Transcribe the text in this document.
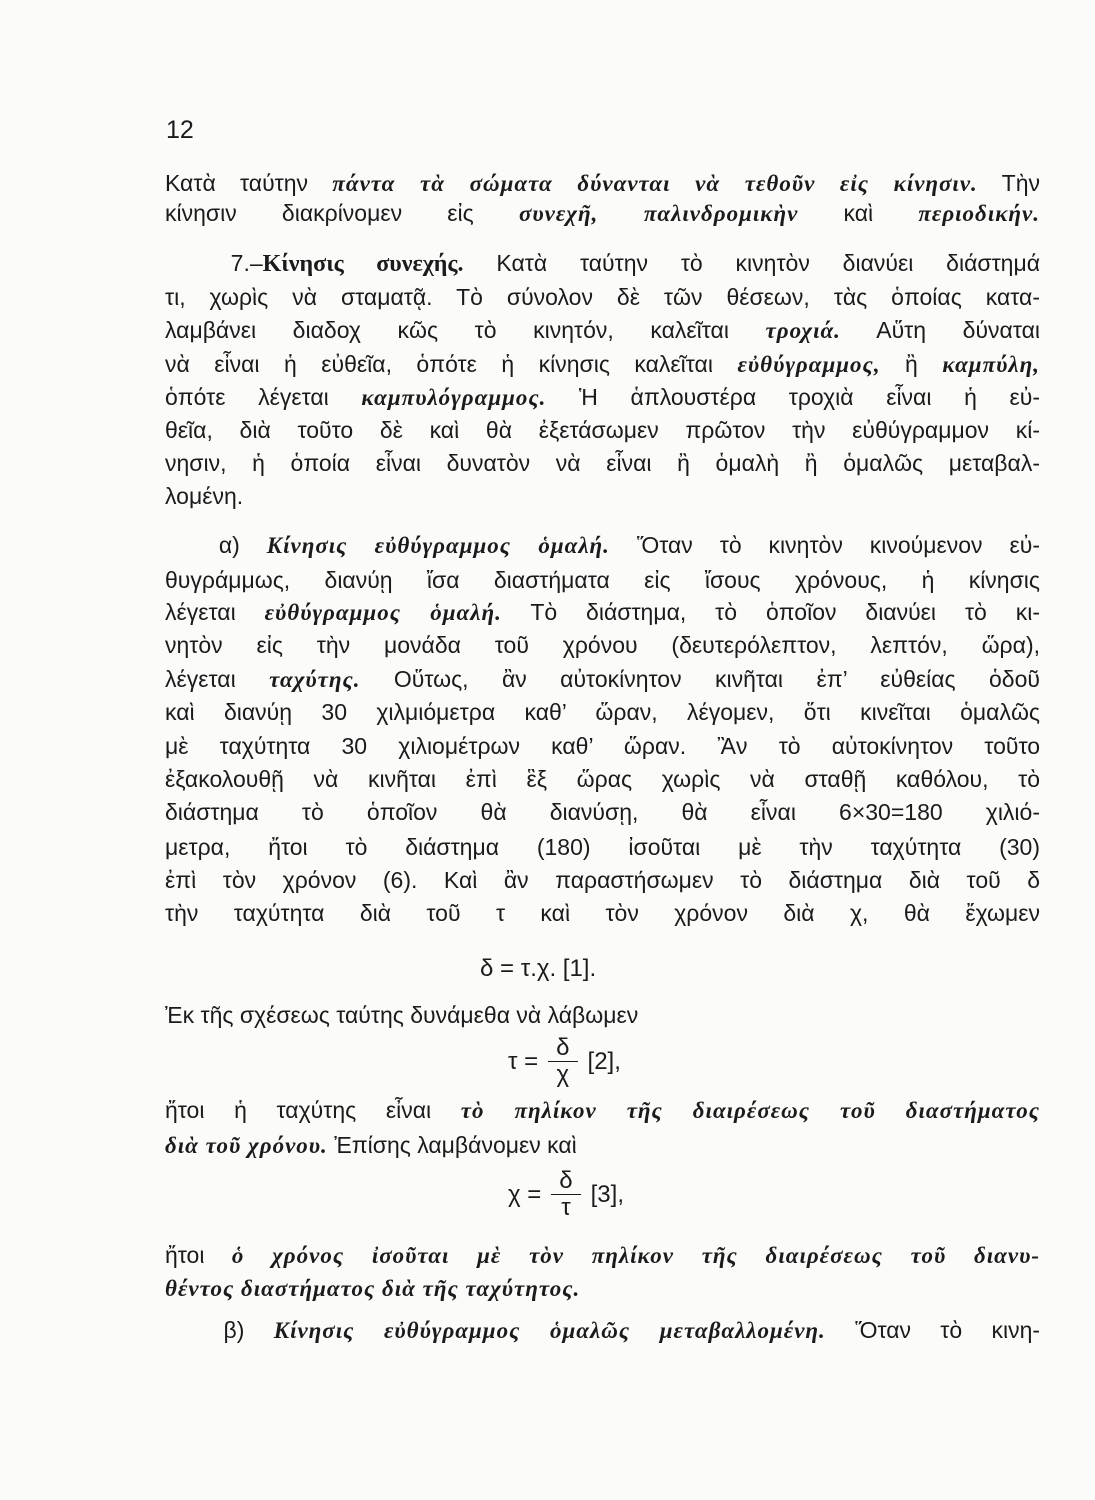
12
Κατὰ ταύτην πάντα τὰ σώματα δύνανται νὰ τεθοῦν εἰς κίνησιν. Τὴν
κίνησιν διακρίνομεν εἰς συνεχῆ, παλινδρομικὴν καὶ περιοδικήν.
7.–Κίνησις συνεχής. Κατὰ ταύτην τὸ κινητὸν διανύει διάστημά
τι, χωρὶς νὰ σταματᾷ. Τὸ σύνολον δὲ τῶν θέσεων, τὰς ὁποίας κατα-
λαμβάνει διαδοχ κῶς τὸ κινητόν, καλεῖται τροχιά. Αὕτη δύναται
νὰ εἶναι ἡ εὐθεῖα, ὁπότε ἡ κίνησις καλεῖται εὐθύγραμμος, ἢ καμπύλη,
ὁπότε λέγεται καμπυλόγραμμος. Ἡ ἁπλουστέρα τροχιὰ εἶναι ἡ εὐ-
θεῖα, διὰ τοῦτο δὲ καὶ θὰ ἐξετάσωμεν πρῶτον τὴν εὐθύγραμμον κί-
νησιν, ἡ ὁποία εἶναι δυνατὸν νὰ εἶναι ἢ ὁμαλὴ ἢ ὁμαλῶς μεταβαλ-
λομένη.
α) Κίνησις εὐθύγραμμος ὁμαλή. Ὅταν τὸ κινητὸν κινούμενον εὐ-
θυγράμμως, διανύῃ ἴσα διαστήματα εἰς ἴσους χρόνους, ἡ κίνησις
λέγεται εὐθύγραμμος ὁμαλή. Τὸ διάστημα, τὸ ὁποῖον διανύει τὸ κι-
νητὸν εἰς τὴν μονάδα τοῦ χρόνου (δευτερόλεπτον, λεπτόν, ὥρα),
λέγεται ταχύτης. Οὕτως, ἂν αὐτοκίνητον κινῆται ἐπ’ εὐθείας ὁδοῦ
καὶ διανύῃ 30 χιλμιόμετρα καθ’ ὥραν, λέγομεν, ὅτι κινεῖται ὁμαλῶς
μὲ ταχύτητα 30 χιλιομέτρων καθ’ ὥραν. Ἂν τὸ αὐτοκίνητον τοῦτο
ἐξακολουθῇ νὰ κινῆται ἐπὶ ἓξ ὥρας χωρὶς νὰ σταθῇ καθόλου, τὸ
διάστημα τὸ ὁποῖον θὰ διανύσῃ, θὰ εἶναι 6×30=180 χιλιό-
μετρα, ἤτοι τὸ διάστημα (180) ἰσοῦται μὲ τὴν ταχύτητα (30)
ἐπὶ τὸν χρόνον (6). Καὶ ἂν παραστήσωμεν τὸ διάστημα διὰ τοῦ δ
τὴν ταχύτητα διὰ τοῦ τ καὶ τὸν χρόνον διὰ χ, θὰ ἔχωμεν
Ἐκ τῆς σχέσεως ταύτης δυνάμεθα νὰ λάβωμεν
ἤτοι ἡ ταχύτης εἶναι τὸ πηλίκον τῆς διαιρέσεως τοῦ διαστήματος
διὰ τοῦ χρόνου. Ἐπίσης λαμβάνομεν καὶ
ἤτοι ὁ χρόνος ἰσοῦται μὲ τὸν πηλίκον τῆς διαιρέσεως τοῦ διανυ-
θέντος διαστήματος διὰ τῆς ταχύτητος.
β) Κίνησις εὐθύγραμμος ὁμαλῶς μεταβαλλομένη. Ὅταν τὸ κινη-
δ = τ.χ. [1].
$\tau = \frac{\delta}{\chi} [2]$,
$\chi = \frac{\delta}{\tau} [3]$,
